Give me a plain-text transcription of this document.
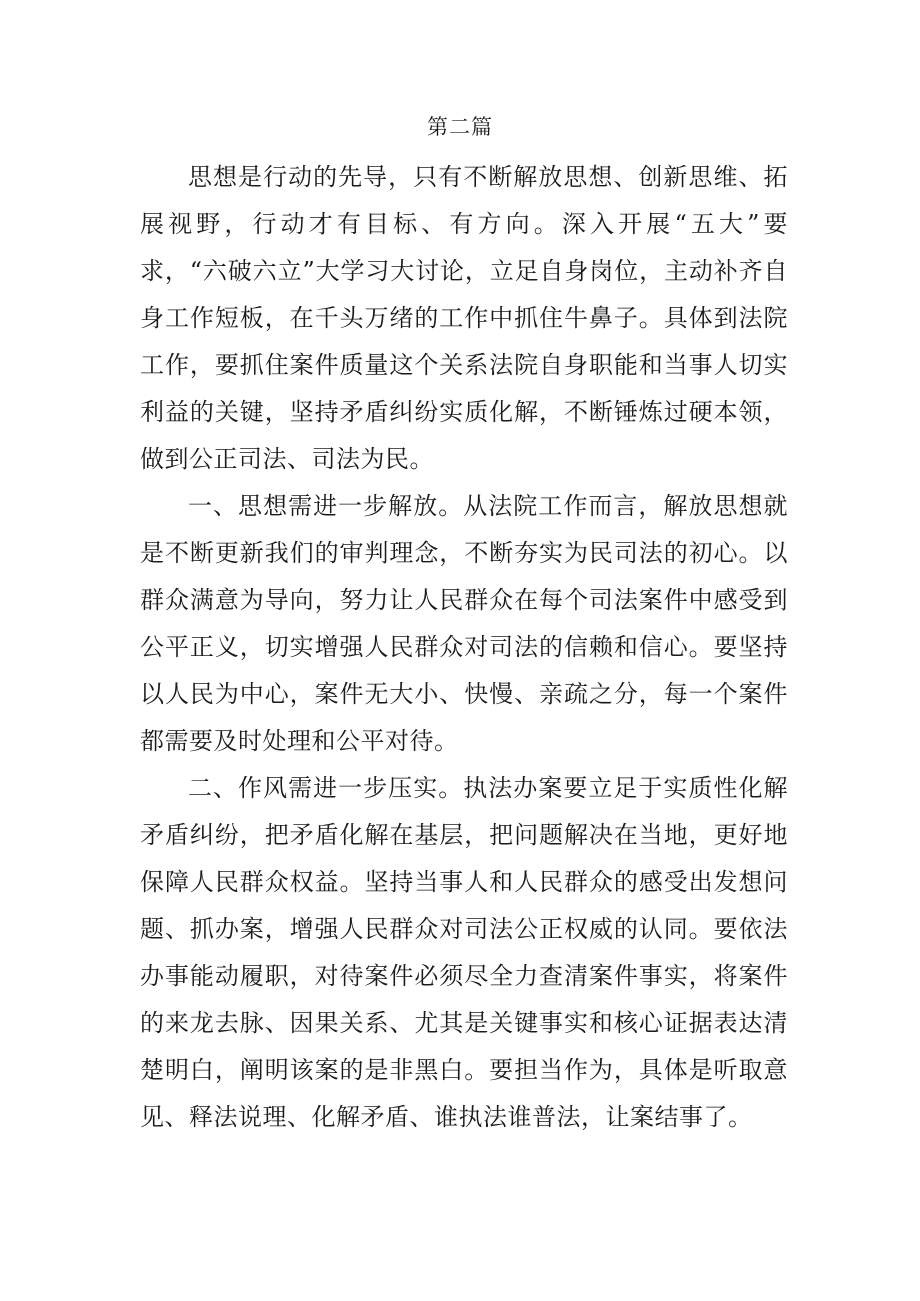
第二篇

思想是行动的先导，只有不断解放思想、创新思维、拓展视野，行动才有目标、有方向。深入开展“五大”要求，“六破六立”大学习大讨论，立足自身岗位，主动补齐自身工作短板，在千头万绪的工作中抓住牛鼻子。具体到法院工作，要抓住案件质量这个关系法院自身职能和当事人切实利益的关键，坚持矛盾纠纷实质化解，不断锤炼过硬本领，做到公正司法、司法为民。

一、思想需进一步解放。从法院工作而言，解放思想就是不断更新我们的审判理念，不断夯实为民司法的初心。以群众满意为导向，努力让人民群众在每个司法案件中感受到公平正义，切实增强人民群众对司法的信赖和信心。要坚持以人民为中心，案件无大小、快慢、亲疏之分，每一个案件都需要及时处理和公平对待。

二、作风需进一步压实。执法办案要立足于实质性化解矛盾纠纷，把矛盾化解在基层，把问题解决在当地，更好地保障人民群众权益。坚持当事人和人民群众的感受出发想问题、抓办案，增强人民群众对司法公正权威的认同。要依法办事能动履职，对待案件必须尽全力查清案件事实，将案件的来龙去脉、因果关系、尤其是关键事实和核心证据表达清楚明白，阐明该案的是非黑白。要担当作为，具体是听取意见、释法说理、化解矛盾、谁执法谁普法，让案结事了。
